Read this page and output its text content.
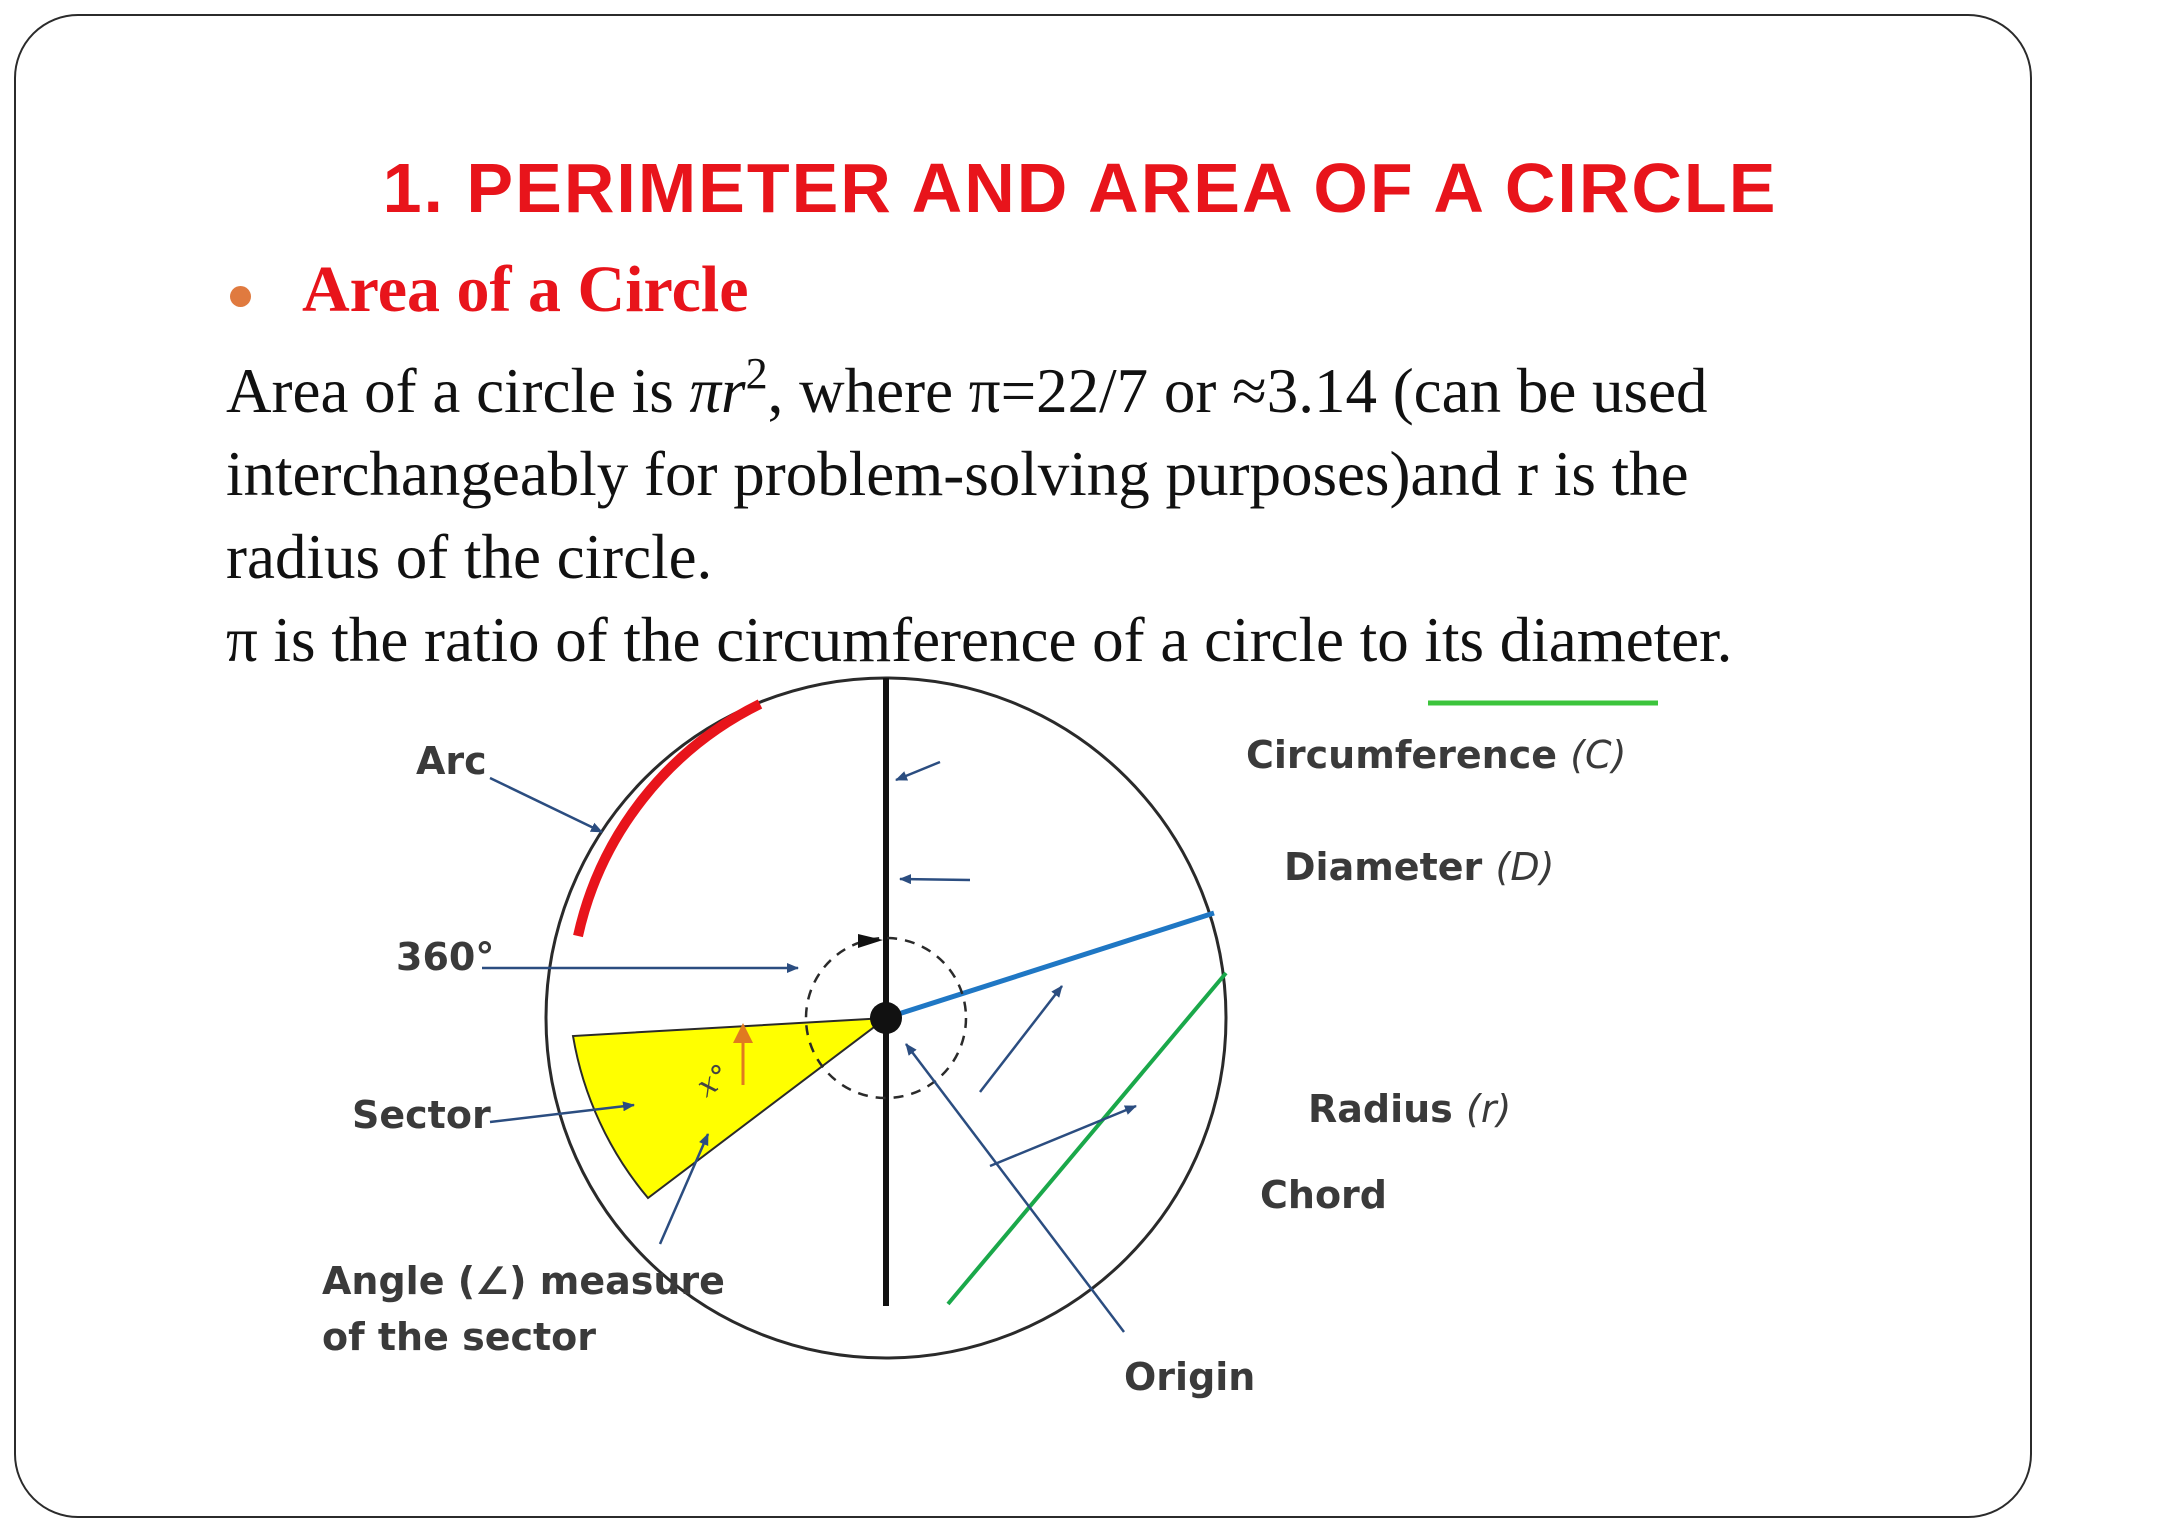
1. PERIMETER AND AREA OF A CIRCLE
Area of a Circle

Area of a circle is $\pi r^2$, where π=22/7 or ≈3.14 (can be used

interchangeably for problem-solving purposes)and r is the

radius of the circle.

π is the ratio of the circumference of a circle to its diameter.

Arc	Circumference (C)
Diameter (D)
360°
Sector	Radius (r)
Chord
Angle (∠) measure
of the sector
Origin
x°
